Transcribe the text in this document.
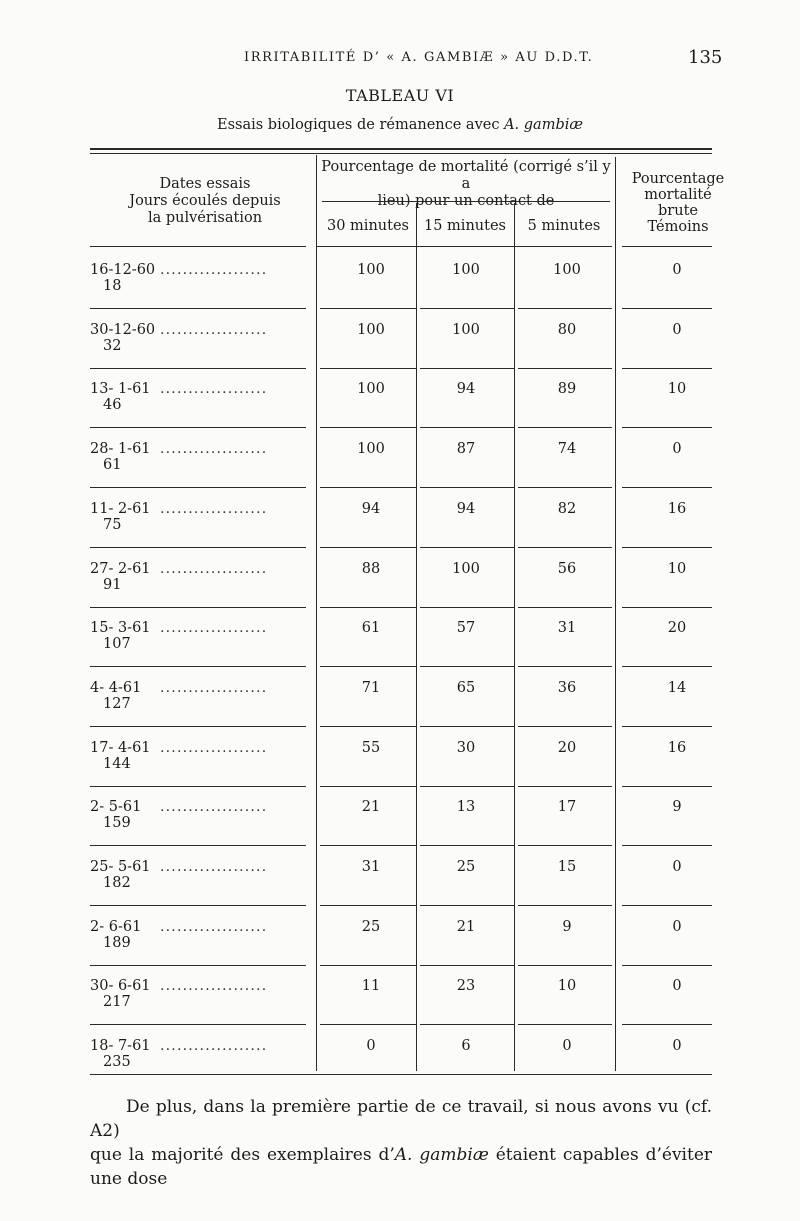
IRRITABILITÉ D’ « A. GAMBIÆ » AU D.D.T.	135
TABLEAU VI
Essais biologiques de rémanence avec A. gambiæ
Dates essais
Jours écoulés depuis
la pulvérisation
Pourcentage de mortalité (corrigé s’il y a
lieu) pour un contact de
30 minutes	15 minutes	5 minutes
Pourcentage
mortalité
brute
Témoins
16-12-60 ...................
18
100	100	100	0
30-12-60 ...................
32
100	100	80	0
13- 1-61 ...................
46
100	94	89	10
28- 1-61 ...................
61
100	87	74	0
11- 2-61 ...................
75
94	94	82	16
27- 2-61 ...................
91
88	100	56	10
15- 3-61 ...................
107
61	57	31	20
4- 4-61 ...................
127
71	65	36	14
17- 4-61 ...................
144
55	30	20	16
2- 5-61 ...................
159
21	13	17	9
25- 5-61 ...................
182
31	25	15	0
2- 6-61 ...................
189
25	21	9	0
30- 6-61 ...................
217
11	23	10	0
18- 7-61 ...................
235
0	6	0	0
De plus, dans la première partie de ce travail, si nous avons vu (cf. A2)
que la majorité des exemplaires d’A. gambiæ étaient capables d’éviter une dose
